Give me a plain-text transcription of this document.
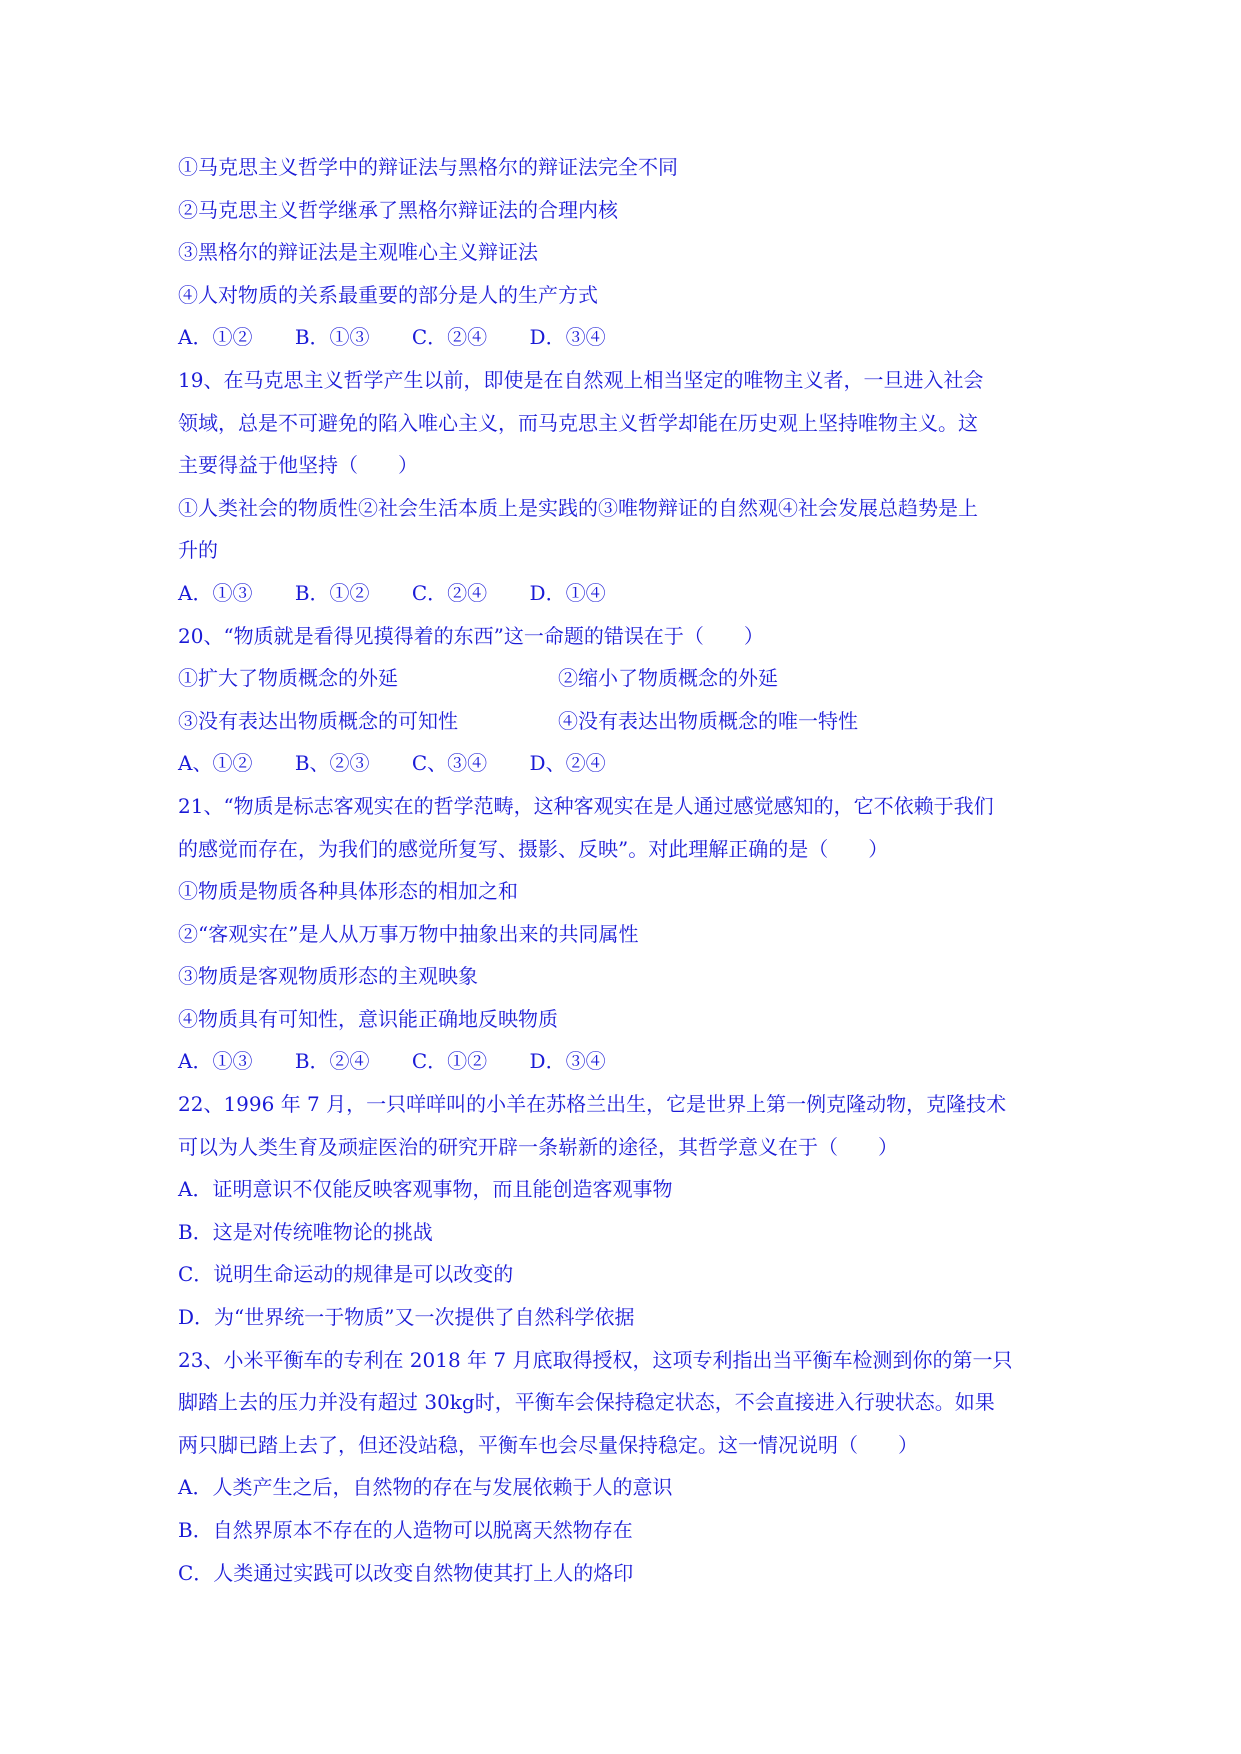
①马克思主义哲学中的辩证法与黑格尔的辩证法完全不同
②马克思主义哲学继承了黑格尔辩证法的合理内核
③黑格尔的辩证法是主观唯心主义辩证法
④人对物质的关系最重要的部分是人的生产方式
A．①② B．①③ C．②④ D．③④
19、在马克思主义哲学产生以前，即使是在自然观上相当坚定的唯物主义者，一旦进入社会
领域，总是不可避免的陷入唯心主义，而马克思主义哲学却能在历史观上坚持唯物主义。这
主要得益于他坚持（　　）
①人类社会的物质性②社会生活本质上是实践的③唯物辩证的自然观④社会发展总趋势是上
升的
A．①③ B．①② C．②④ D．①④
20、“物质就是看得见摸得着的东西”这一命题的错误在于（　　）
①扩大了物质概念的外延	②缩小了物质概念的外延
③没有表达出物质概念的可知性	④没有表达出物质概念的唯一特性
A、①② B、②③ C、③④ D、②④
21、“物质是标志客观实在的哲学范畴，这种客观实在是人通过感觉感知的，它不依赖于我们
的感觉而存在，为我们的感觉所复写、摄影、反映”。对此理解正确的是（　　）
①物质是物质各种具体形态的相加之和
②“客观实在”是人从万事万物中抽象出来的共同属性
③物质是客观物质形态的主观映象
④物质具有可知性，意识能正确地反映物质
A．①③ B．②④ C．①② D．③④
22、1996 年 7 月，一只咩咩叫的小羊在苏格兰出生，它是世界上第一例克隆动物，克隆技术
可以为人类生育及顽症医治的研究开辟一条崭新的途径，其哲学意义在于（　　）
A．证明意识不仅能反映客观事物，而且能创造客观事物
B．这是对传统唯物论的挑战
C．说明生命运动的规律是可以改变的
D．为“世界统一于物质”又一次提供了自然科学依据
23、小米平衡车的专利在 2018 年 7 月底取得授权，这项专利指出当平衡车检测到你的第一只
脚踏上去的压力并没有超过 30kg时，平衡车会保持稳定状态，不会直接进入行驶状态。如果
两只脚已踏上去了，但还没站稳，平衡车也会尽量保持稳定。这一情况说明（　　）
A．人类产生之后，自然物的存在与发展依赖于人的意识
B．自然界原本不存在的人造物可以脱离天然物存在
C．人类通过实践可以改变自然物使其打上人的烙印
